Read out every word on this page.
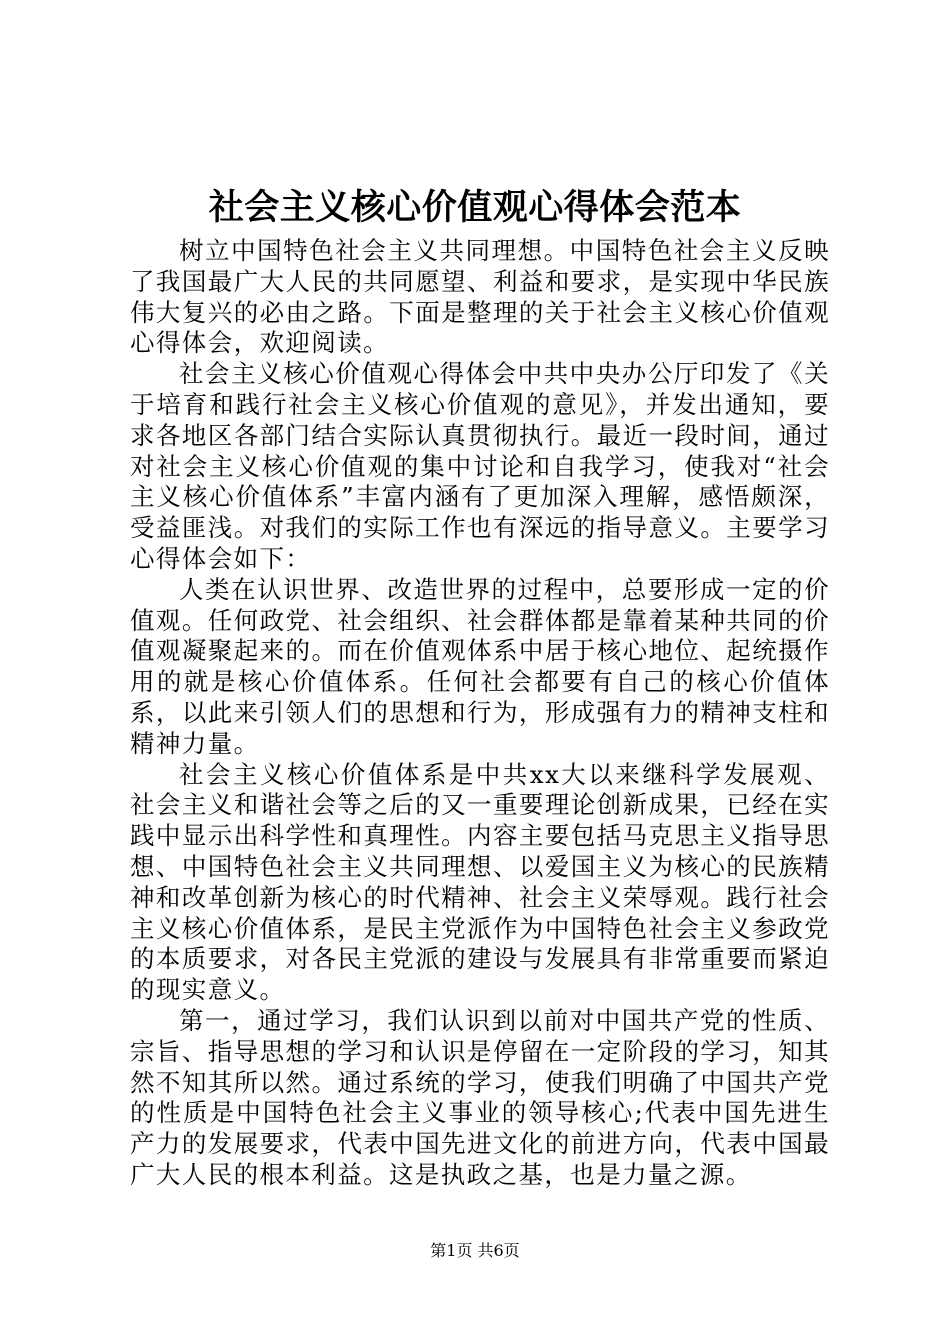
社会主义核心价值观心得体会范本

树立中国特色社会主义共同理想。中国特色社会主义反映了我国最广大人民的共同愿望、利益和要求，是实现中华民族伟大复兴的必由之路。下面是整理的关于社会主义核心价值观心得体会，欢迎阅读。

社会主义核心价值观心得体会中共中央办公厅印发了《关于培育和践行社会主义核心价值观的意见》，并发出通知，要求各地区各部门结合实际认真贯彻执行。最近一段时间，通过对社会主义核心价值观的集中讨论和自我学习，使我对“社会主义核心价值体系”丰富内涵有了更加深入理解，感悟颇深，受益匪浅。对我们的实际工作也有深远的指导意义。主要学习心得体会如下：

人类在认识世界、改造世界的过程中，总要形成一定的价值观。任何政党、社会组织、社会群体都是靠着某种共同的价值观凝聚起来的。而在价值观体系中居于核心地位、起统摄作用的就是核心价值体系。任何社会都要有自己的核心价值体系，以此来引领人们的思想和行为，形成强有力的精神支柱和精神力量。

社会主义核心价值体系是中共xx大以来继科学发展观、社会主义和谐社会等之后的又一重要理论创新成果，已经在实践中显示出科学性和真理性。内容主要包括马克思主义指导思想、中国特色社会主义共同理想、以爱国主义为核心的民族精神和改革创新为核心的时代精神、社会主义荣辱观。践行社会主义核心价值体系，是民主党派作为中国特色社会主义参政党的本质要求，对各民主党派的建设与发展具有非常重要而紧迫的现实意义。

第一，通过学习，我们认识到以前对中国共产党的性质、宗旨、指导思想的学习和认识是停留在一定阶段的学习，知其然不知其所以然。通过系统的学习，使我们明确了中国共产党的性质是中国特色社会主义事业的领导核心;代表中国先进生产力的发展要求，代表中国先进文化的前进方向，代表中国最广大人民的根本利益。这是执政之基，也是力量之源。

第1页 共6页
